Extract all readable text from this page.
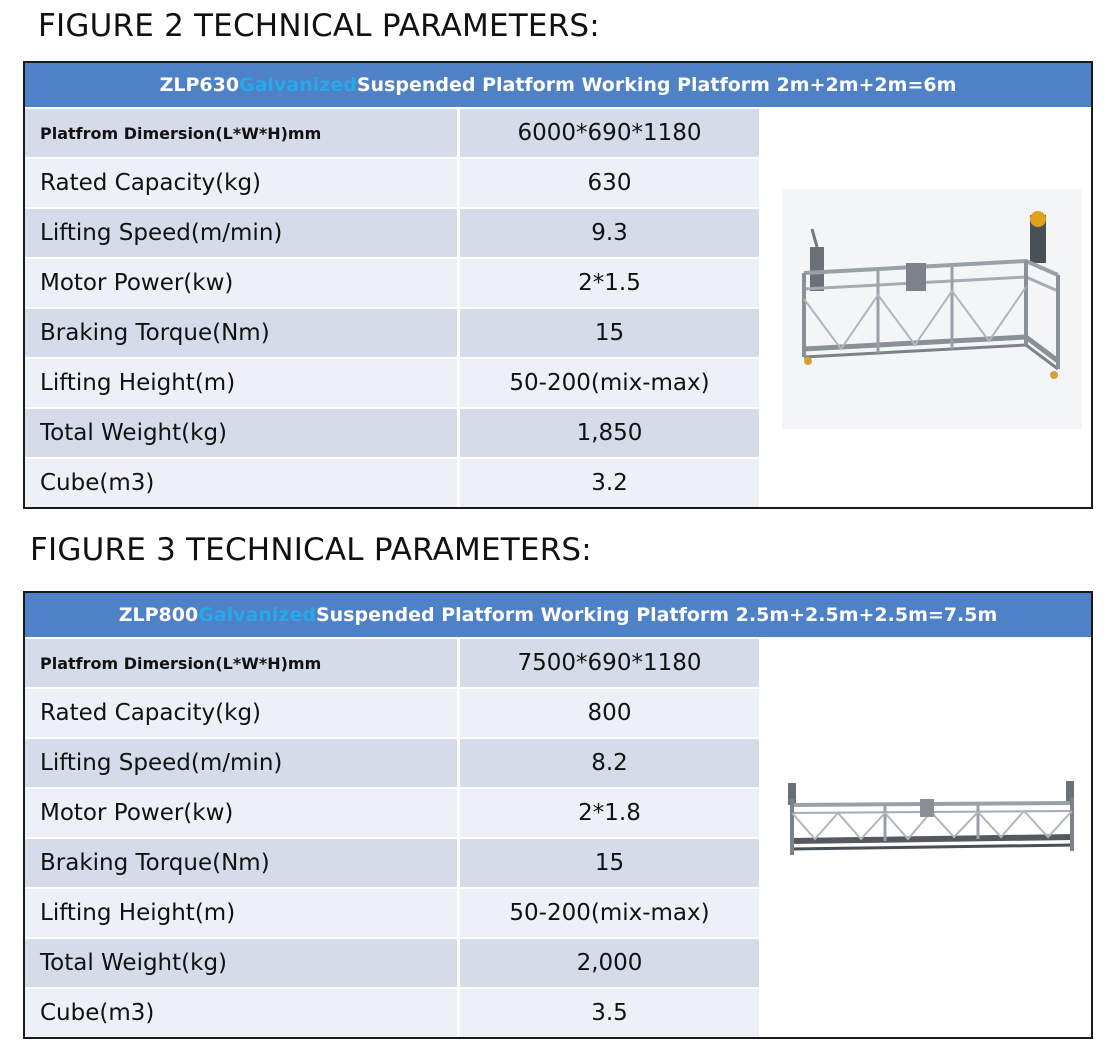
FIGURE 2 TECHNICAL PARAMETERS:
ZLP630 Galvanized Suspended Platform Working Platform 2m+2m+2m=6m
Platfrom Dimersion(L*W*H)mm	6000*690*1180
Rated Capacity(kg)	630
Lifting Speed(m/min)	9.3
Motor Power(kw)	2*1.5
Braking Torque(Nm)	15
Lifting Height(m)	50-200(mix-max)
Total Weight(kg)	1,850
Cube(m3)	3.2
FIGURE 3 TECHNICAL PARAMETERS:
ZLP800 Galvanized Suspended Platform Working Platform 2.5m+2.5m+2.5m=7.5m
Platfrom Dimersion(L*W*H)mm	7500*690*1180
Rated Capacity(kg)	800
Lifting Speed(m/min)	8.2
Motor Power(kw)	2*1.8
Braking Torque(Nm)	15
Lifting Height(m)	50-200(mix-max)
Total Weight(kg)	2,000
Cube(m3)	3.5
